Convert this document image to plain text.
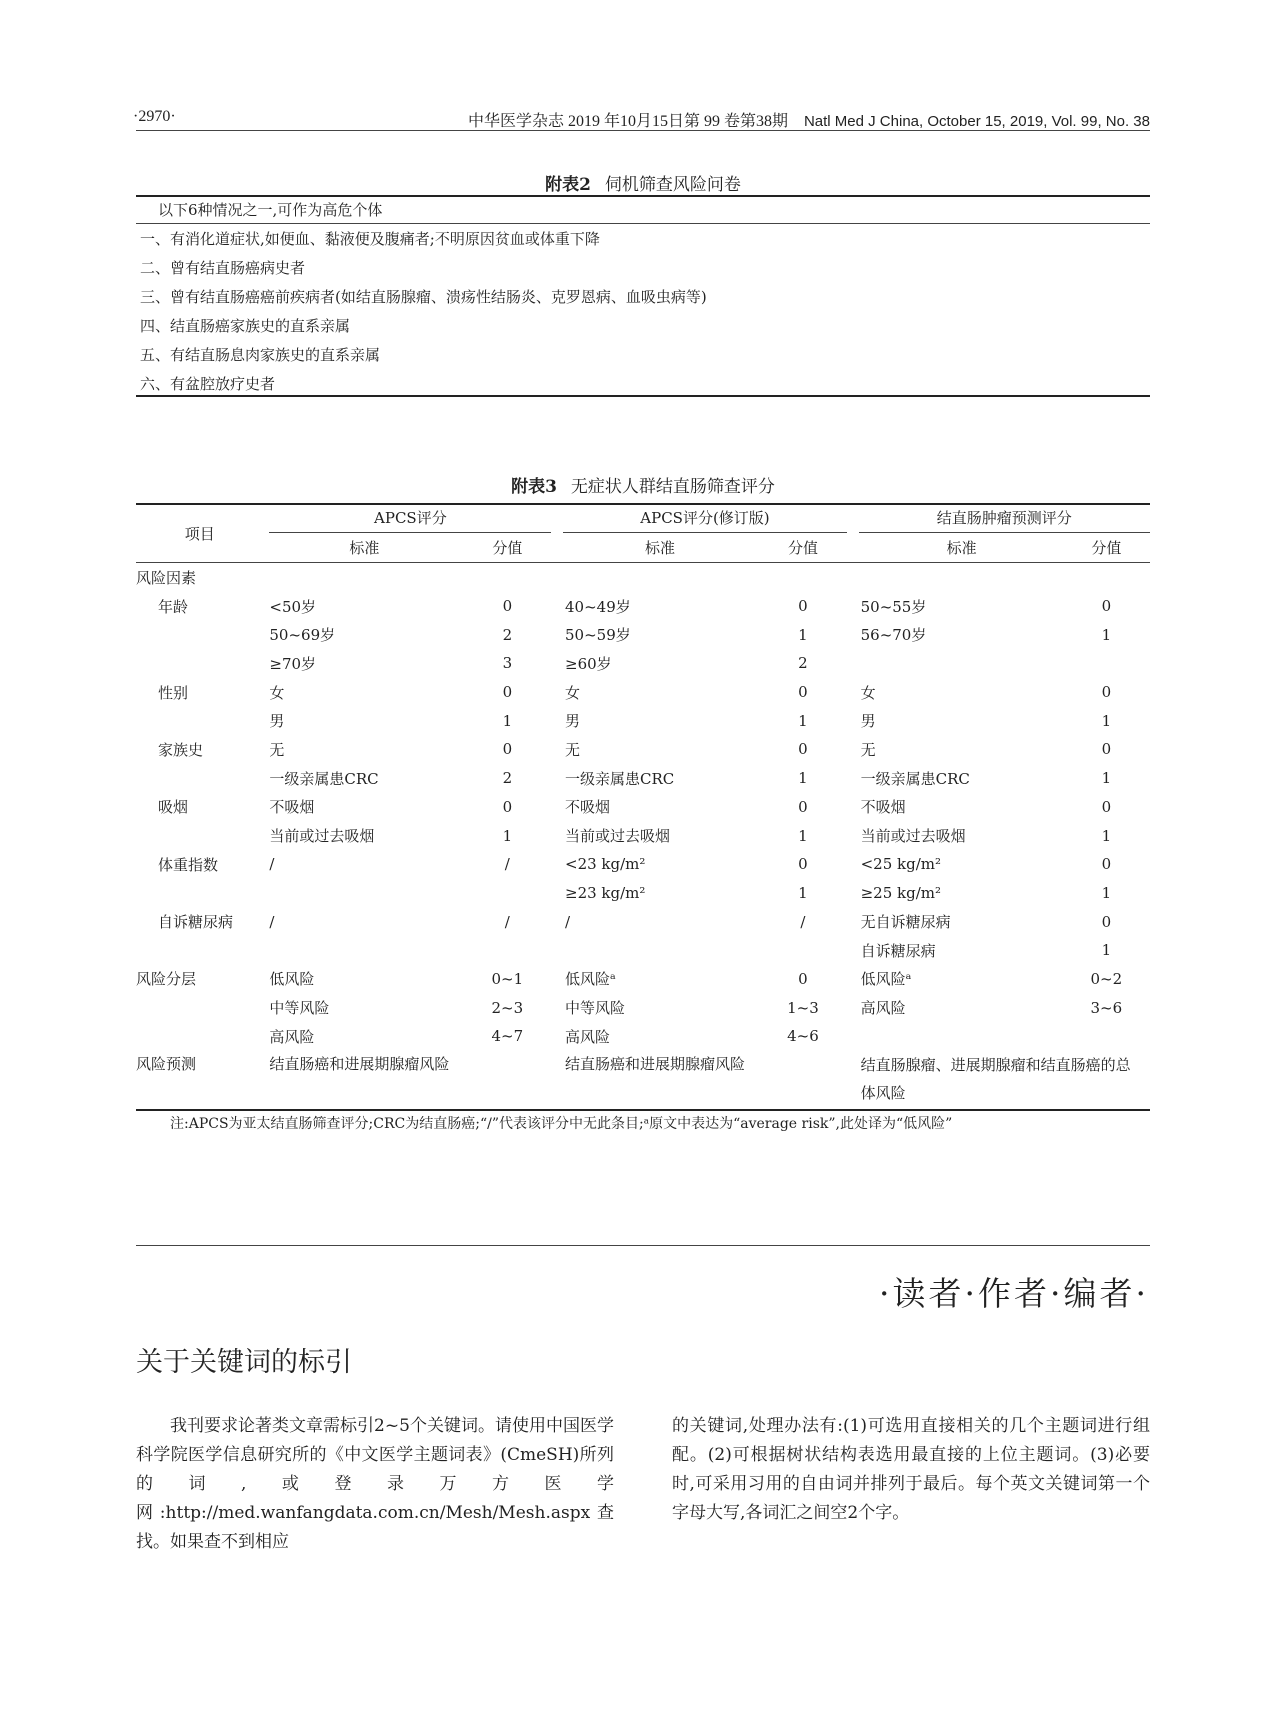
·2970·	中华医学杂志 2019 年10月15日第 99 卷第38期 Natl Med J China, October 15, 2019, Vol. 99, No. 38
附表2 伺机筛查风险问卷
以下6种情况之一,可作为高危个体
一、有消化道症状,如便血、黏液便及腹痛者;不明原因贫血或体重下降
二、曾有结直肠癌病史者
三、曾有结直肠癌癌前疾病者(如结直肠腺瘤、溃疡性结肠炎、克罗恩病、血吸虫病等)
四、结直肠癌家族史的直系亲属
五、有结直肠息肉家族史的直系亲属
六、有盆腔放疗史者
附表3 无症状人群结直肠筛查评分
项目	APCS评分			APCS评分(修订版)			结直肠肿瘤预测评分	

	标准	分值		标准	分值		标准	分值
风险因素								
年龄	<50岁	0		40~49岁	0		50~55岁	0
	50~69岁	2		50~59岁	1		56~70岁	1
	≥70岁	3		≥60岁	2			
性别	女	0		女	0		女	0
	男	1		男	1		男	1
家族史	无	0		无	0		无	0
	一级亲属患CRC	2		一级亲属患CRC	1		一级亲属患CRC	1
吸烟	不吸烟	0		不吸烟	0		不吸烟	0
	当前或过去吸烟	1		当前或过去吸烟	1		当前或过去吸烟	1
体重指数	/	/		<23 kg/m²	0		<25 kg/m²	0
				≥23 kg/m²	1		≥25 kg/m²	1
自诉糖尿病	/	/		/	/		无自诉糖尿病	0
							自诉糖尿病	1
风险分层	低风险	0~1		低风险ᵃ	0		低风险ᵃ	0~2
	中等风险	2~3		中等风险	1~3		高风险	3~6
	高风险	4~7		高风险	4~6			
风险预测	结直肠癌和进展期腺瘤风险			结直肠癌和进展期腺瘤风险			结直肠腺瘤、进展期腺瘤和结直肠癌的总体风险	
注:APCS为亚太结直肠筛查评分;CRC为结直肠癌;“/”代表该评分中无此条目;ᵃ原文中表达为“average risk”,此处译为“低风险”
·读者·作者·编者·
关于关键词的标引
我刊要求论著类文章需标引2~5个关键词。请使用中国医学科学院医学信息研究所的《中文医学主题词表》(CmeSH)所列的词,或登录万方医学网:http://med.wanfangdata.com.cn/Mesh/Mesh.aspx查找。如果查不到相应
的关键词,处理办法有:(1)可选用直接相关的几个主题词进行组配。(2)可根据树状结构表选用最直接的上位主题词。(3)必要时,可采用习用的自由词并排列于最后。每个英文关键词第一个字母大写,各词汇之间空2个字。
